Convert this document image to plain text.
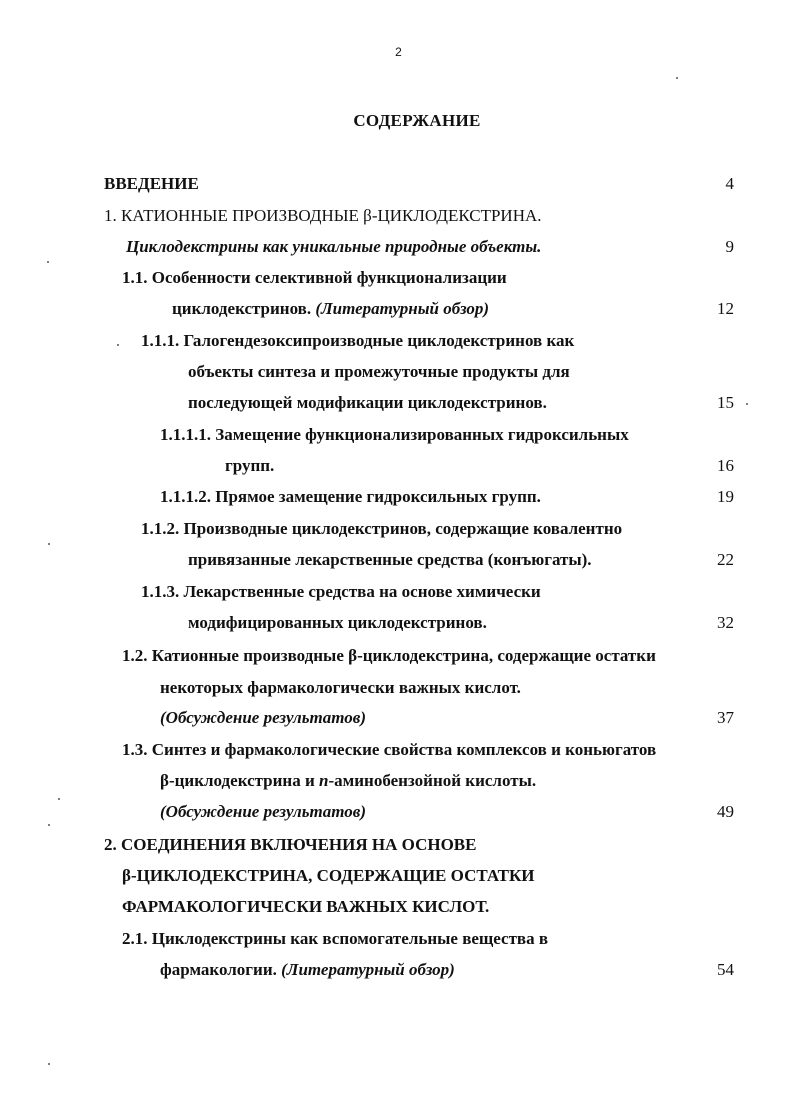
2
СОДЕРЖАНИЕ
ВВЕДЕНИЕ	4
1. КАТИОННЫЕ ПРОИЗВОДНЫЕ β-ЦИКЛОДЕКСТРИНА.
Циклодекстрины как уникальные природные объекты.	9
1.1. Особенности селективной функционализации
циклодекстринов. (Литературный обзор)	12
1.1.1. Галогендезоксипроизводные циклодекстринов как
объекты синтеза и промежуточные продукты для
последующей модификации циклодекстринов.	15
1.1.1.1. Замещение функционализированных гидроксильных
групп.	16
1.1.1.2. Прямое замещение гидроксильных групп.	19
1.1.2. Производные циклодекстринов, содержащие ковалентно
привязанные лекарственные средства (конъюгаты).	22
1.1.3. Лекарственные средства на основе химически
модифицированных циклодекстринов.	32
1.2. Катионные производные β-циклодекстрина, содержащие остатки
некоторых фармакологически важных кислот.
(Обсуждение результатов)	37
1.3. Синтез и фармакологические свойства комплексов и коньюгатов
β-циклодекстрина и п-аминобензойной кислоты.
(Обсуждение результатов)	49
2. СОЕДИНЕНИЯ ВКЛЮЧЕНИЯ НА ОСНОВЕ
β-ЦИКЛОДЕКСТРИНА, СОДЕРЖАЩИЕ ОСТАТКИ
ФАРМАКОЛОГИЧЕСКИ ВАЖНЫХ КИСЛОТ.
2.1. Циклодекстрины как вспомогательные вещества в
фармакологии. (Литературный обзор)	54
